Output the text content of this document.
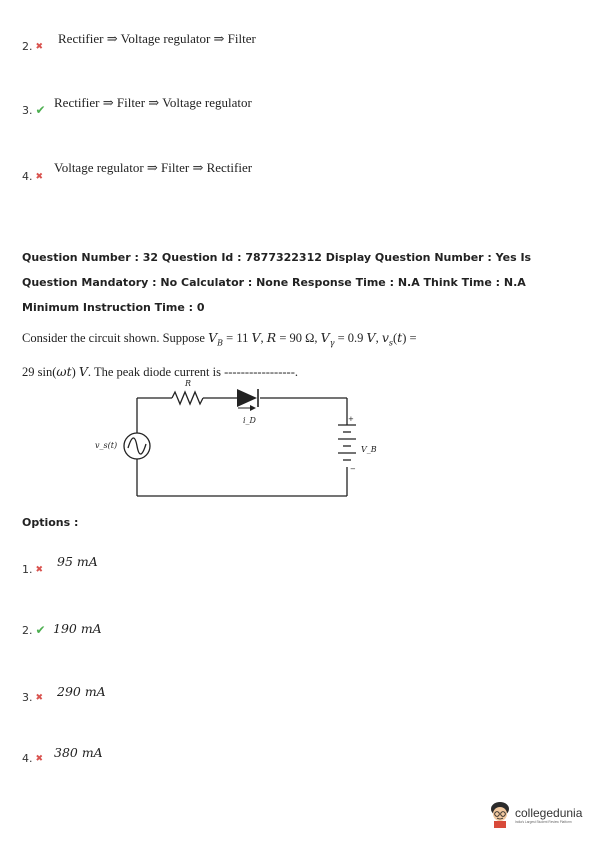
Rectifier ⇒ Voltage regulator ⇒ Filter
2. ✖
Rectifier ⇒ Filter ⇒ Voltage regulator
3. ✔
Voltage regulator ⇒ Filter ⇒ Rectifier
4. ✖
Question Number : 32 Question Id : 7877322312 Display Question Number : Yes Is Question Mandatory : No Calculator : None Response Time : N.A Think Time : N.A Minimum Instruction Time : 0
Consider the circuit shown. Suppose $V_B = 11$ V, R = 90 Ω, $V_\gamma = 0.9$ V, $v_s(t)$ =
29 sin(ωt) V. The peak diode current is -----------------.
R
i_D
v_s(t)	V_B
+
−
Options :
95 mA
1. ✖
190 mA
2. ✔
290 mA
3. ✖
380 mA
4. ✖
collegedunia
India's Largest Student Review Platform
